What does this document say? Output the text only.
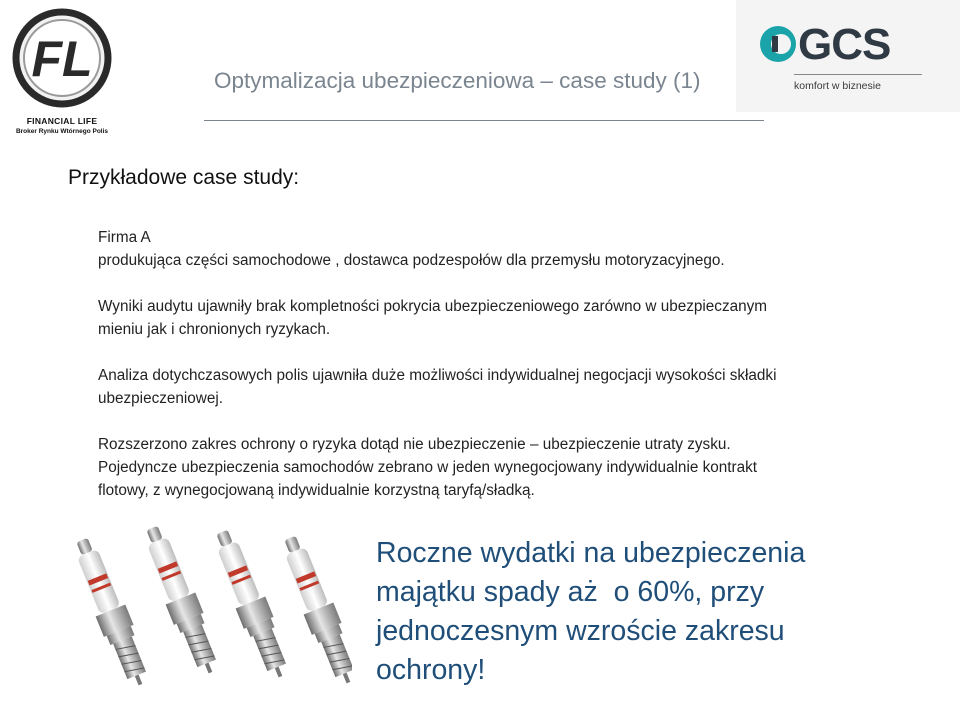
FL
FINANCIAL LIFE
Broker Rynku Wtórnego Polis
GCS
komfort w biznesie
Optymalizacja ubezpieczeniowa – case study (1)
Przykładowe case study:

Firma A

produkująca części samochodowe , dostawca podzespołów dla przemysłu motoryzacyjnego.

Wyniki audytu ujawniły brak kompletności pokrycia ubezpieczeniowego zarówno w ubezpieczanym

mieniu jak i chronionych ryzykach.

Analiza dotychczasowych polis ujawniła duże możliwości indywidualnej negocjacji wysokości składki

ubezpieczeniowej.

Rozszerzono zakres ochrony o ryzyka dotąd nie ubezpieczenie – ubezpieczenie utraty zysku.

Pojedyncze ubezpieczenia samochodów zebrano w jeden wynegocjowany indywidualnie kontrakt

flotowy, z wynegocjowaną indywidualnie korzystną taryfą/sładką.

Roczne wydatki na ubezpieczenia
majątku spady aż  o 60%, przy
jednoczesnym wzroście zakresu
ochrony!
